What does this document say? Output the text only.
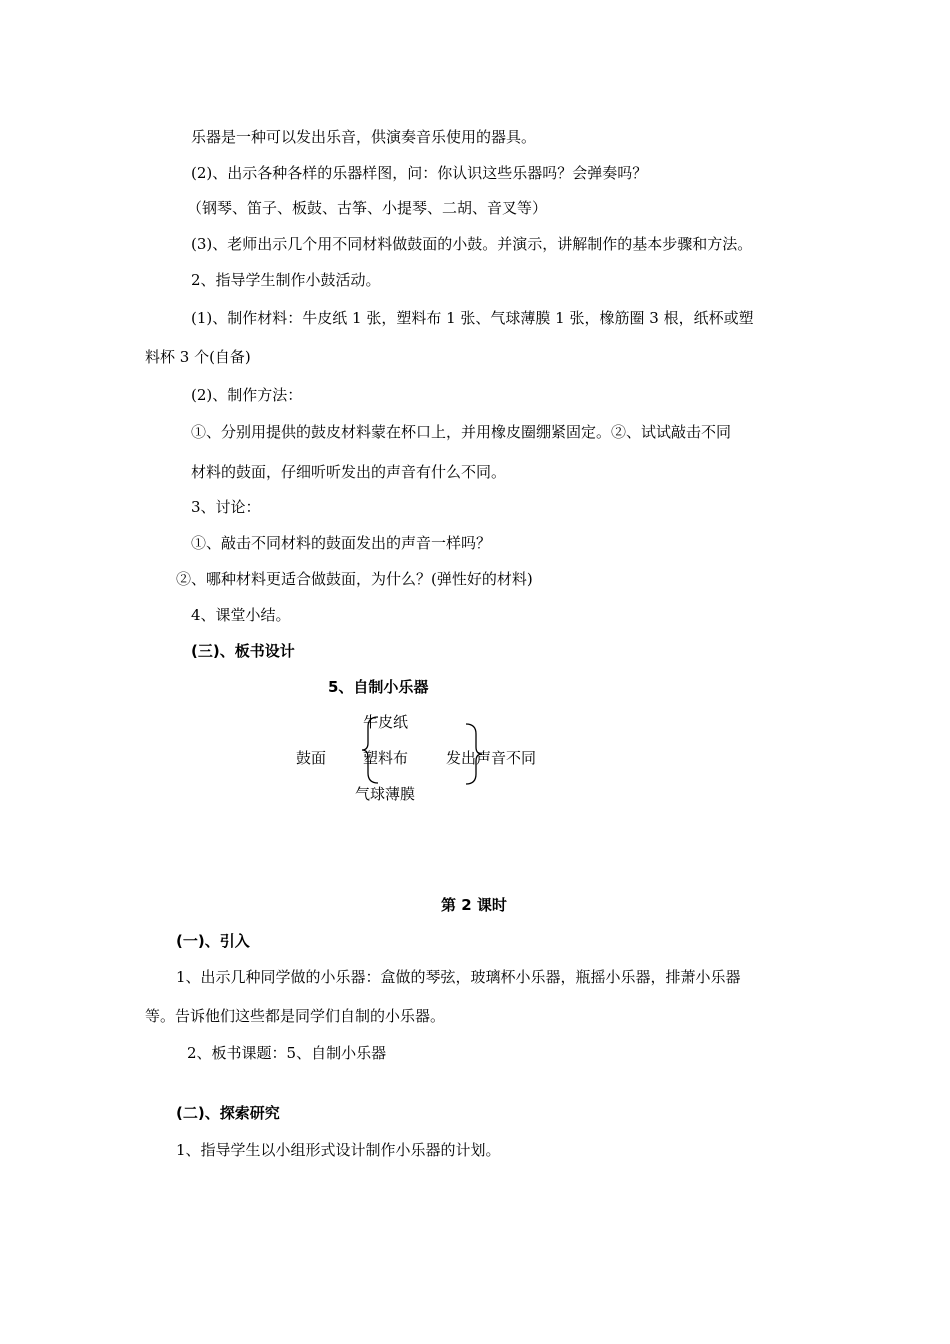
乐器是一种可以发出乐音，供演奏音乐使用的器具。
(2)、出示各种各样的乐器样图，问：你认识这些乐器吗？会弹奏吗？
（钢琴、笛子、板鼓、古筝、小提琴、二胡、音叉等）
(3)、老师出示几个用不同材料做鼓面的小鼓。并演示，讲解制作的基本步骤和方法。
2、指导学生制作小鼓活动。
(1)、制作材料：牛皮纸 1 张，塑料布 1 张、气球薄膜 1 张，橡筋圈 3 根，纸杯或塑
料杯 3 个(自备)
(2)、制作方法：
①、分别用提供的鼓皮材料蒙在杯口上，并用橡皮圈绷紧固定。②、试试敲击不同
材料的鼓面，仔细听听发出的声音有什么不同。
3、讨论：
①、敲击不同材料的鼓面发出的声音一样吗？
②、哪种材料更适合做鼓面，为什么？(弹性好的材料)
4、课堂小结。
(三)、板书设计
5、自制小乐器
鼓面
牛皮纸
塑料布
气球薄膜
发出声音不同
第 2 课时
(一)、引入
1、出示几种同学做的小乐器：盒做的琴弦，玻璃杯小乐器，瓶摇小乐器，排萧小乐器
等。告诉他们这些都是同学们自制的小乐器。
2、板书课题：5、自制小乐器
(二)、探索研究
1、指导学生以小组形式设计制作小乐器的计划。
